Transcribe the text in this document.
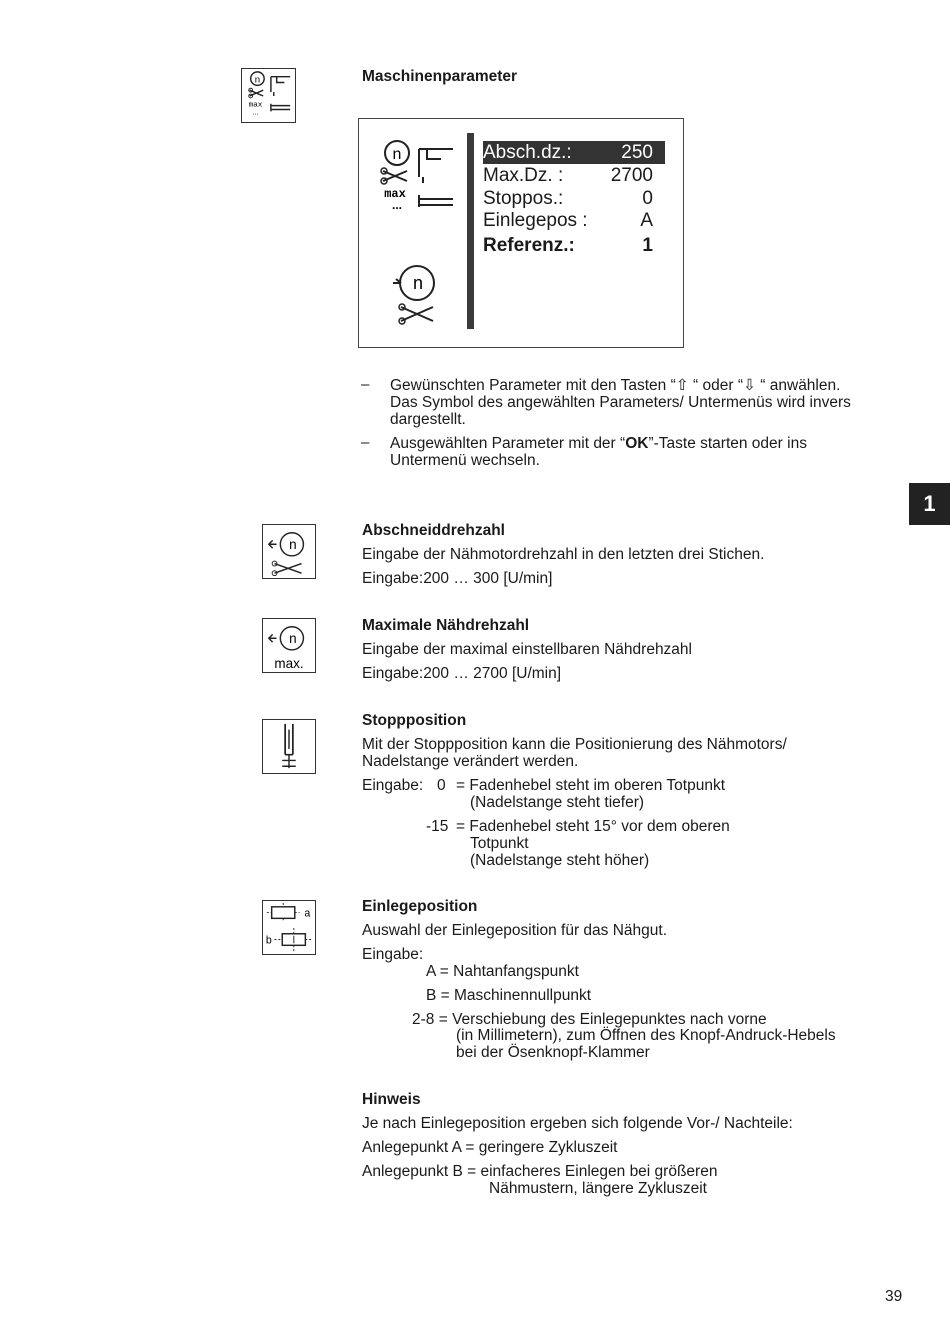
n
max
...
Maschinenparameter
n
max
...
n
Absch.dz.:	250
Max.Dz. : 2700
Stoppos.:	0
Einlegepos :	A
Referenz.:	1
– Gewünschten Parameter mit den Tasten “⇧ “ oder “⇩ “ anwählen.
Das Symbol des angewählten Parameters/ Untermenüs wird invers
dargestellt.
– Ausgewählten Parameter mit der “OK”-Taste starten oder ins
Untermenü wechseln.
1
n
Abschneiddrehzahl
Eingabe der Nähmotordrehzahl in den letzten drei Stichen.
Eingabe:200 … 300 [U/min]
n
max.
Maximale Nähdrehzahl
Eingabe der maximal einstellbaren Nähdrehzahl
Eingabe:200 … 2700 [U/min]
Stoppposition
Mit der Stoppposition kann die Positionierung des Nähmotors/
Nadelstange verändert werden.
Eingabe: 0 = Fadenhebel steht im oberen Totpunkt
(Nadelstange steht tiefer)
-15 = Fadenhebel steht 15° vor dem oberen
Totpunkt
(Nadelstange steht höher)
a
b
Einlegeposition
Auswahl der Einlegeposition für das Nähgut.
Eingabe:
A = Nahtanfangspunkt
B = Maschinennullpunkt
2-8 = Verschiebung des Einlegepunktes nach vorne
(in Millimetern), zum Öffnen des Knopf-Andruck-Hebels
bei der Ösenknopf-Klammer
Hinweis
Je nach Einlegeposition ergeben sich folgende Vor-/ Nachteile:
Anlegepunkt A = geringere Zykluszeit
Anlegepunkt B = einfacheres Einlegen bei größeren
Nähmustern, längere Zykluszeit
39
